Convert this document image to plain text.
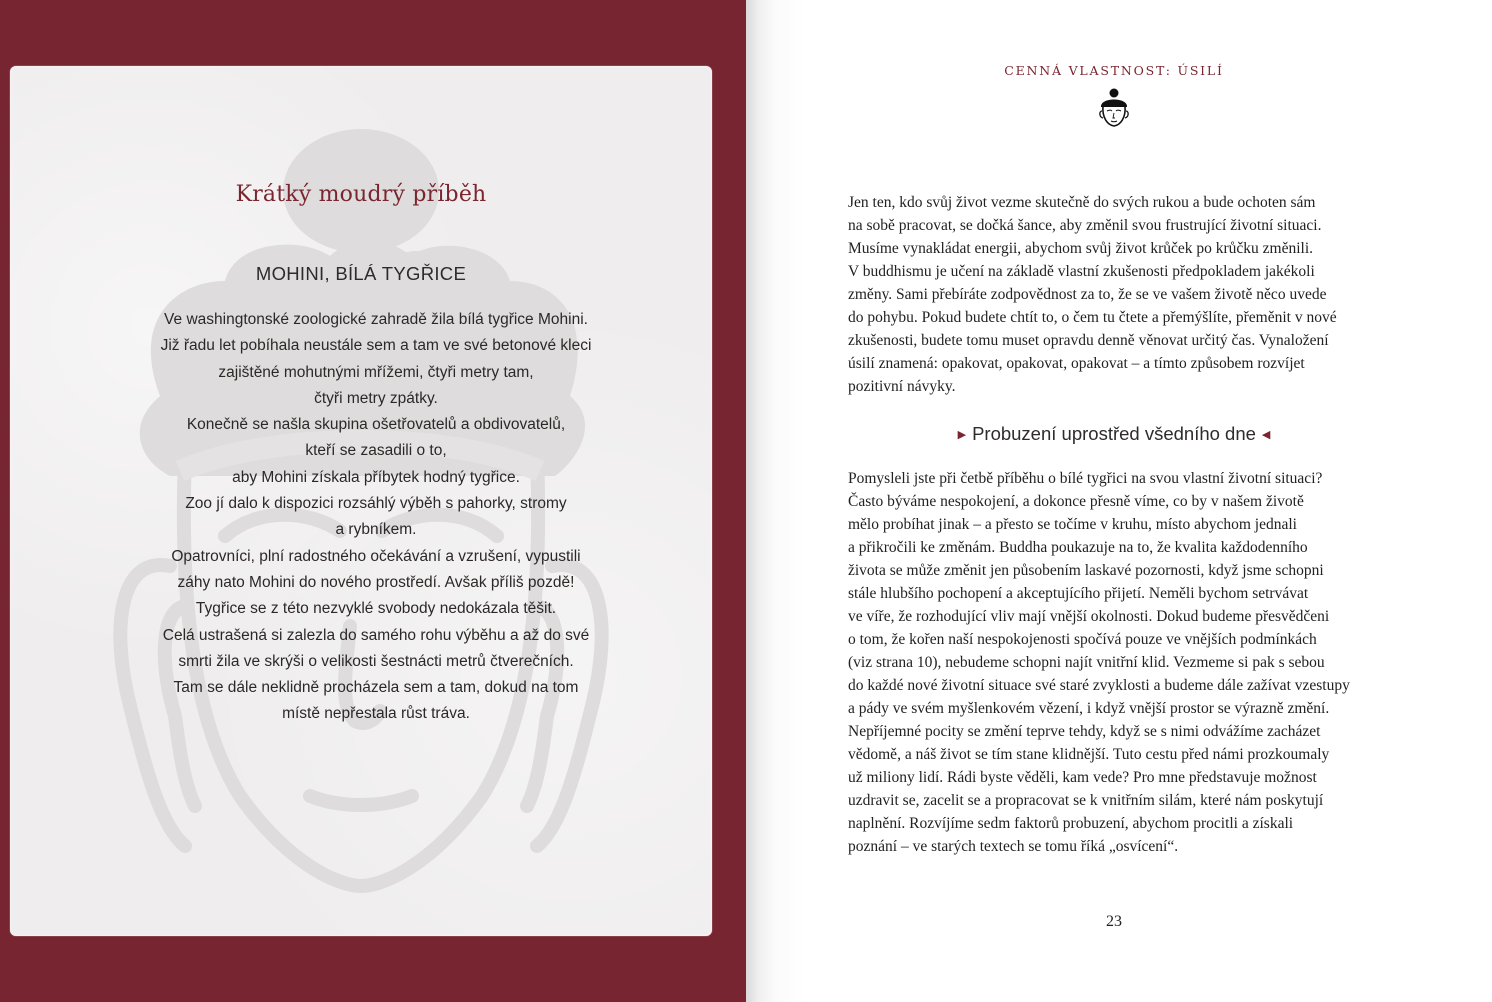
Krátký moudrý příběh
MOHINI, BÍLÁ TYGŘICE
Ve washingtonské zoologické zahradě žila bílá tygřice Mohini.
Již řadu let pobíhala neustále sem a tam ve své betonové kleci
zajištěné mohutnými mřížemi, čtyři metry tam,
čtyři metry zpátky.
Konečně se našla skupina ošetřovatelů a obdivovatelů,
kteří se zasadili o to,
aby Mohini získala příbytek hodný tygřice.
Zoo jí dalo k dispozici rozsáhlý výběh s pahorky, stromy
a rybníkem.
Opatrovníci, plní radostného očekávání a vzrušení, vypustili
záhy nato Mohini do nového prostředí. Avšak příliš pozdě!
Tygřice se z této nezvyklé svobody nedokázala těšit.
Celá ustrašená si zalezla do samého rohu výběhu a až do své
smrti žila ve skrýši o velikosti šestnácti metrů čtverečních.
Tam se dále neklidně procházela sem a tam, dokud na tom
místě nepřestala růst tráva.
CENNÁ VLASTNOST: ÚSILÍ
Jen ten, kdo svůj život vezme skutečně do svých rukou a bude ochoten sám
na sobě pracovat, se dočká šance, aby změnil svou frustrující životní situaci.
Musíme vynakládat energii, abychom svůj život krůček po krůčku změnili.
V buddhismu je učení na základě vlastní zkušenosti předpokladem jakékoli
změny. Sami přebíráte zodpovědnost za to, že se ve vašem životě něco uvede
do pohybu. Pokud budete chtít to, o čem tu čtete a přemýšlíte, přeměnit v nové
zkušenosti, budete tomu muset opravdu denně věnovat určitý čas. Vynaložení
úsilí znamená: opakovat, opakovat, opakovat – a tímto způsobem rozvíjet
pozitivní návyky.
▶ Probuzení uprostřed všedního dne ◀
Pomysleli jste při četbě příběhu o bílé tygřici na svou vlastní životní situaci?
Často býváme nespokojení, a dokonce přesně víme, co by v našem životě
mělo probíhat jinak – a přesto se točíme v kruhu, místo abychom jednali
a přikročili ke změnám. Buddha poukazuje na to, že kvalita každodenního
života se může změnit jen působením laskavé pozornosti, když jsme schopni
stále hlubšího pochopení a akceptujícího přijetí. Neměli bychom setrvávat
ve víře, že rozhodující vliv mají vnější okolnosti. Dokud budeme přesvědčeni
o tom, že kořen naší nespokojenosti spočívá pouze ve vnějších podmínkách
(viz strana 10), nebudeme schopni najít vnitřní klid. Vezmeme si pak s sebou
do každé nové životní situace své staré zvyklosti a budeme dále zažívat vzestupy
a pády ve svém myšlenkovém vězení, i když vnější prostor se výrazně změní.
Nepříjemné pocity se změní teprve tehdy, když se s nimi odvážíme zacházet
vědomě, a náš život se tím stane klidnější. Tuto cestu před námi prozkoumaly
už miliony lidí. Rádi byste věděli, kam vede? Pro mne představuje možnost
uzdravit se, zacelit se a propracovat se k vnitřním silám, které nám poskytují
naplnění. Rozvíjíme sedm faktorů probuzení, abychom procitli a získali
poznání – ve starých textech se tomu říká „osvícení“.
23
